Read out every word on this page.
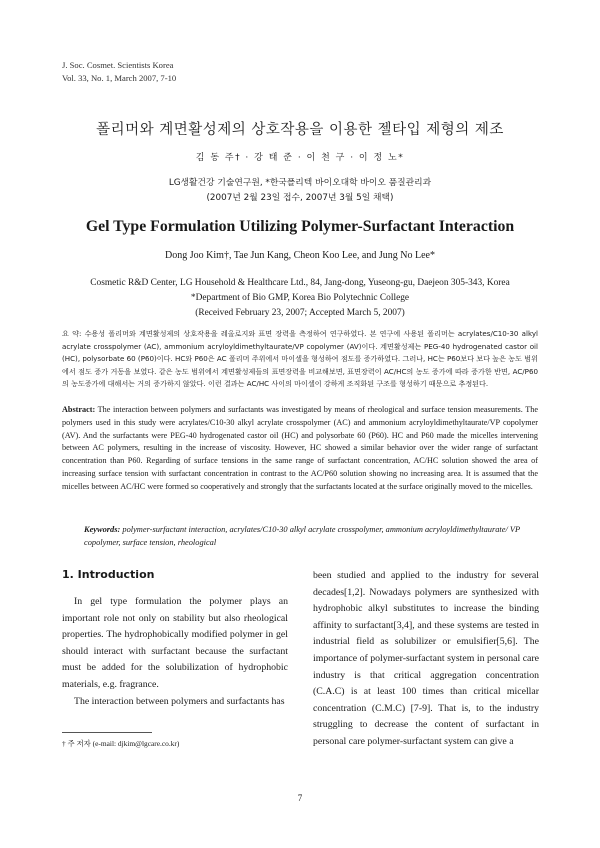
J. Soc. Cosmet. Scientists Korea
Vol. 33, No. 1, March 2007, 7-10
폴리머와 계면활성제의 상호작용을 이용한 젤타입 제형의 제조
김 동 주† · 강 태 준 · 이 천 구 · 이 정 노*
LG생활건강 기술연구원, *한국폴리텍 바이오대학 바이오 품질관리과
(2007년 2월 23일 접수, 2007년 3월 5일 채택)
Gel Type Formulation Utilizing Polymer-Surfactant Interaction
Dong Joo Kim†, Tae Jun Kang, Cheon Koo Lee, and Jung No Lee*
Cosmetic R&D Center, LG Household & Healthcare Ltd., 84, Jang-dong, Yuseong-gu, Daejeon 305-343, Korea
*Department of Bio GMP, Korea Bio Polytechnic College
(Received February 23, 2007; Accepted March 5, 2007)
요 약: 수용성 폴리머와 계면활성제의 상호작용을 레올로지와 표면 장력을 측정하여 연구하였다. 본 연구에 사용된 폴리머는 acrylates/C10-30 alkyl acrylate crosspolymer (AC), ammonium acryloyldimethyltaurate/VP copolymer (AV)이다. 계면활성제는 PEG-40 hydrogenated castor oil (HC), polysorbate 60 (P60)이다. HC와 P60은 AC 폴리머 주위에서 마이셀을 형성하여 점도를 증가하였다. 그러나, HC는 P60보다 보다 높은 농도 범위에서 점도 증가 거동을 보였다. 같은 농도 범위에서 계면활성제들의 표면장력을 비교해보면, 표면장력이 AC/HC의 농도 증가에 따라 증가한 반면, AC/P60의 농도증가에 대해서는 거의 증가하지 않았다. 이런 결과는 AC/HC 사이의 마이셀이 강하게 조직화된 구조를 형성하기 때문으로 추정된다.
Abstract: The interaction between polymers and surfactants was investigated by means of rheological and surface tension measurements. The polymers used in this study were acrylates/C10-30 alkyl acrylate crosspolymer (AC) and ammonium acryloyldimethyltaurate/VP copolymer (AV). And the surfactants were PEG-40 hydrogenated castor oil (HC) and polysorbate 60 (P60). HC and P60 made the micelles intervening between AC polymers, resulting in the increase of viscosity. However, HC showed a similar behavior over the wider range of surfactant concentration than P60. Regarding of surface tensions in the same range of surfactant concentration, AC/HC solution showed the area of increasing surface tension with surfactant concentration in contrast to the AC/P60 solution showing no increasing area. It is assumed that the micelles between AC/HC were formed so cooperatively and strongly that the surfactants located at the surface originally moved to the micelles.
Keywords: polymer-surfactant interaction, acrylates/C10-30 alkyl acrylate crosspolymer, ammonium acryloyldimethyltaurate/ VP copolymer, surface tension, rheological
1. Introduction

In gel type formulation the polymer plays an important role not only on stability but also rheological properties. The hydrophobically modified polymer in gel should interact with surfactant because the surfactant must be added for the solubilization of hydrophobic materials, e.g. fragrance.

The interaction between polymers and surfactants has

been studied and applied to the industry for several decades[1,2]. Nowadays polymers are synthesized with hydrophobic alkyl substitutes to increase the binding affinity to surfactant[3,4], and these systems are tested in industrial field as solubilizer or emulsifier[5,6]. The importance of polymer-surfactant system in personal care industry is that critical aggregation concentration (C.A.C) is at least 100 times than critical micellar concentration (C.M.C) [7-9]. That is, to the industry struggling to decrease the content of surfactant in personal care polymer-surfactant system can give a

† 주 저자 (e-mail: djkim@lgcare.co.kr)
7
